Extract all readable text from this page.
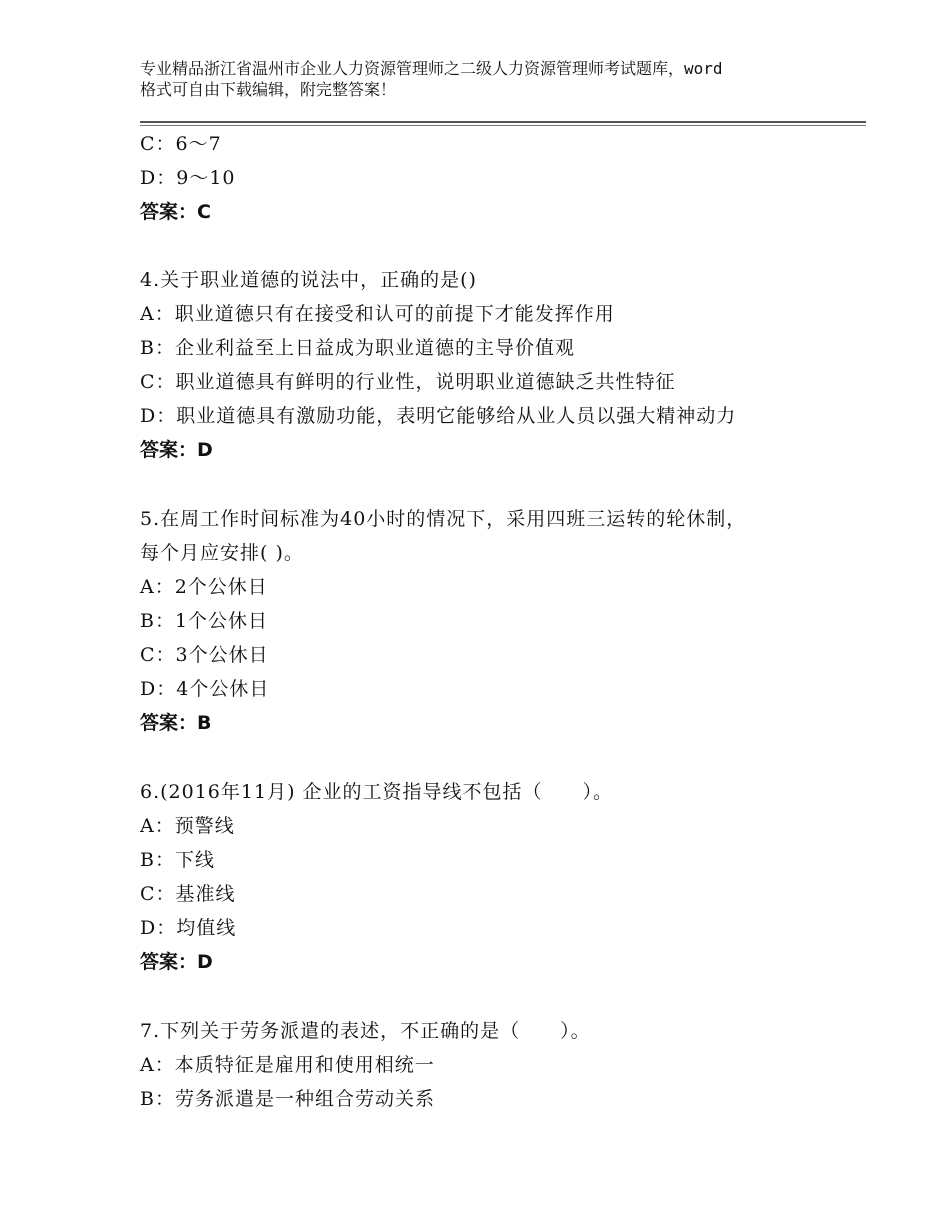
专业精品浙江省温州市企业人力资源管理师之二级人力资源管理师考试题库，word
格式可自由下载编辑，附完整答案！
C：6～7
D：9～10
答案：C
4.关于职业道德的说法中，正确的是()
A：职业道德只有在接受和认可的前提下才能发挥作用
B：企业利益至上日益成为职业道德的主导价值观
C：职业道德具有鲜明的行业性，说明职业道德缺乏共性特征
D：职业道德具有激励功能，表明它能够给从业人员以强大精神动力
答案：D
5.在周工作时间标准为40小时的情况下，采用四班三运转的轮休制，
每个月应安排( )。
A：2个公休日
B：1个公休日
C：3个公休日
D：4个公休日
答案：B
6.(2016年11月) 企业的工资指导线不包括（　　）。
A：预警线
B：下线
C：基准线
D：均值线
答案：D
7.下列关于劳务派遣的表述，不正确的是（　　）。
A：本质特征是雇用和使用相统一
B：劳务派遣是一种组合劳动关系
